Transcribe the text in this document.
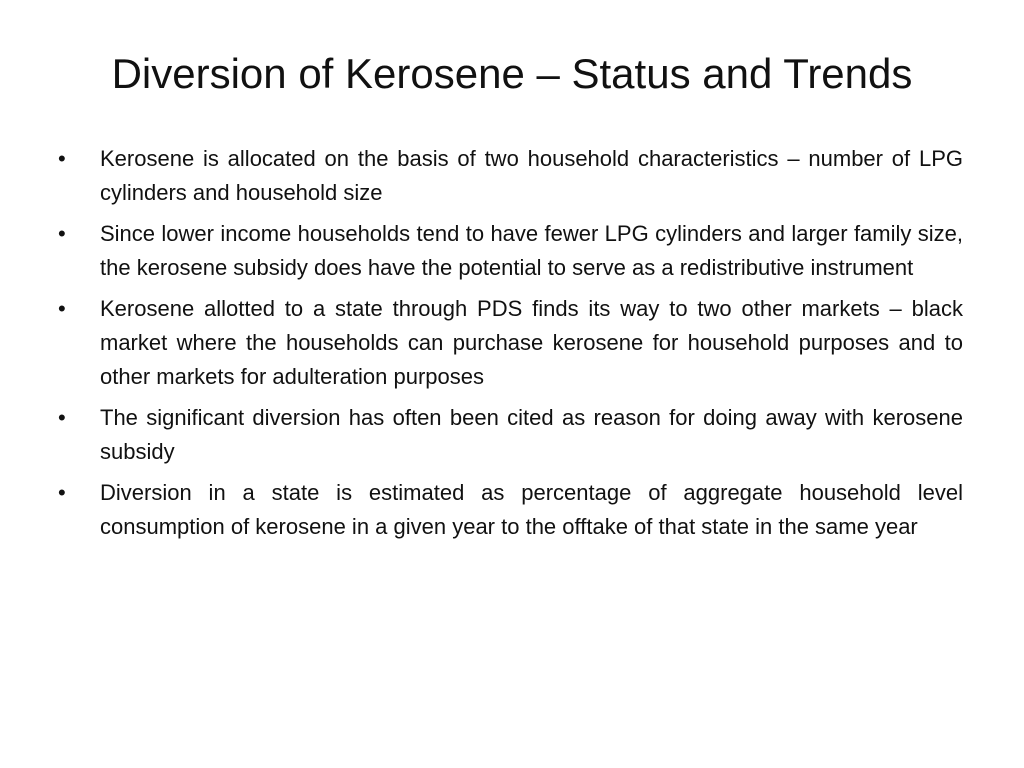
Diversion of Kerosene – Status and Trends
•	Kerosene is allocated on the basis of two household characteristics – number of LPG cylinders and household size
•	Since lower income households tend to have fewer LPG cylinders and larger family size, the kerosene subsidy does have the potential to serve as a redistributive instrument
•	Kerosene allotted to a state through PDS finds its way to two other markets – black market where the households can purchase kerosene for household purposes and to other markets for adulteration purposes
•	The significant diversion has often been cited as reason for doing away with kerosene subsidy
•	Diversion in a state is estimated as percentage of aggregate household level consumption of kerosene in a given year to the offtake of that state in the same year
